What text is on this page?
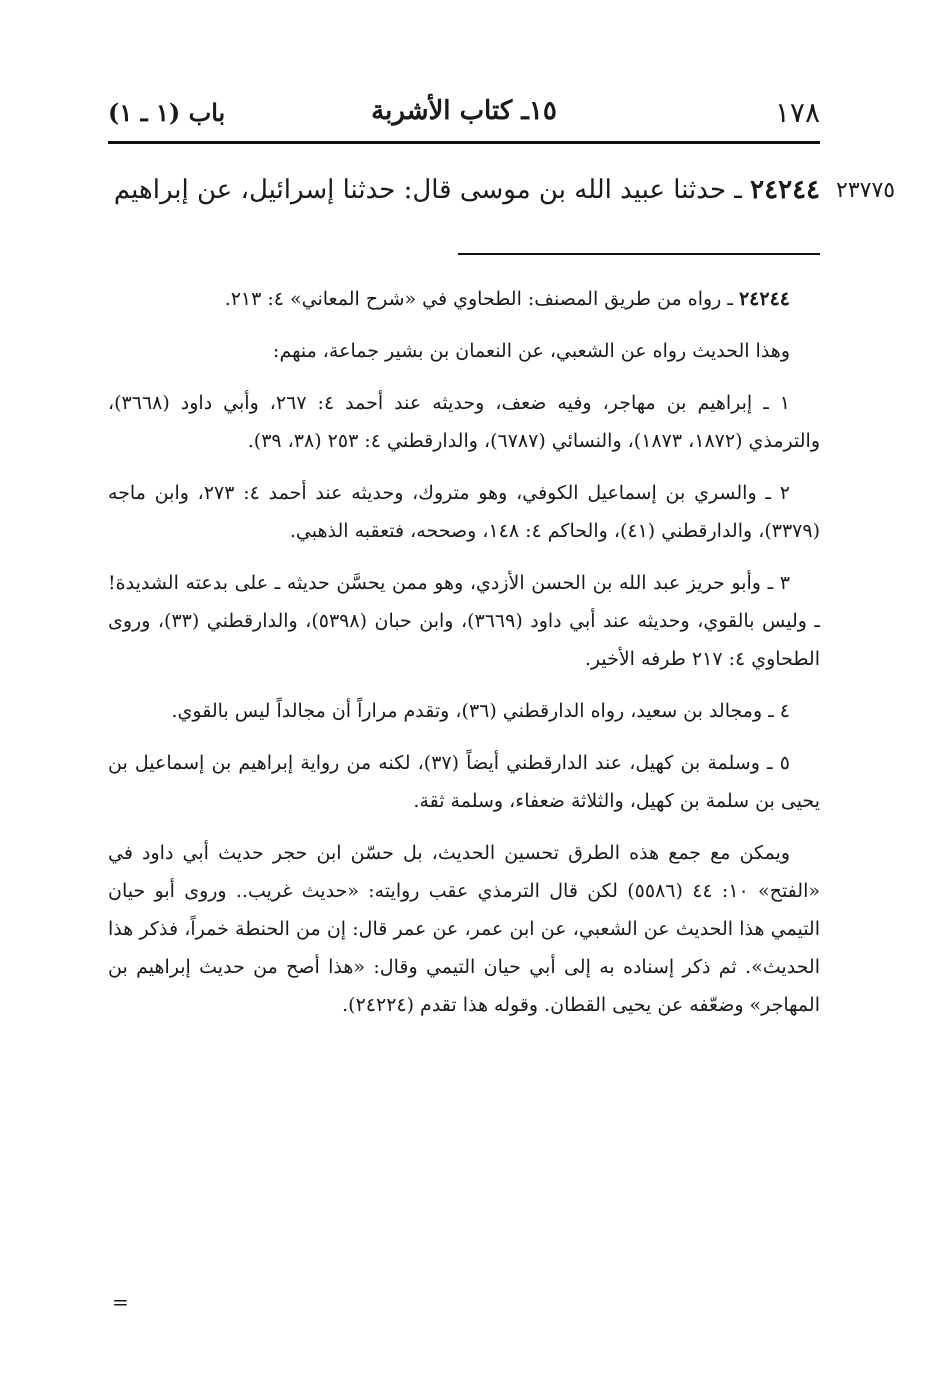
١٧٨
١٥ـ كتاب الأشربة
باب (١ ـ ١)
٢٣٧٧٥
٢٤٢٤٤ ـ حدثنا عبيد الله بن موسى قال: حدثنا إسرائيل، عن إبراهيم

٢٤٢٤٤ ـ رواه من طريق المصنف: الطحاوي في «شرح المعاني» ٤: ٢١٣.

وهذا الحديث رواه عن الشعبي، عن النعمان بن بشير جماعة، منهم:

١ ـ إبراهيم بن مهاجر، وفيه ضعف، وحديثه عند أحمد ٤: ٢٦٧، وأبي داود (٣٦٦٨)، والترمذي (١٨٧٢، ١٨٧٣)، والنسائي (٦٧٨٧)، والدارقطني ٤: ٢٥٣ (٣٨، ٣٩).

٢ ـ والسري بن إسماعيل الكوفي، وهو متروك، وحديثه عند أحمد ٤: ٢٧٣، وابن ماجه (٣٣٧٩)، والدارقطني (٤١)، والحاكم ٤: ١٤٨، وصححه، فتعقبه الذهبي.

٣ ـ وأبو حريز عبد الله بن الحسن الأزدي، وهو ممن يحسَّن حديثه ـ على بدعته الشديدة! ـ وليس بالقوي، وحديثه عند أبي داود (٣٦٦٩)، وابن حبان (٥٣٩٨)، والدارقطني (٣٣)، وروى الطحاوي ٤: ٢١٧ طرفه الأخير.

٤ ـ ومجالد بن سعيد، رواه الدارقطني (٣٦)، وتقدم مراراً أن مجالداً ليس بالقوي.

٥ ـ وسلمة بن كهيل، عند الدارقطني أيضاً (٣٧)، لكنه من رواية إبراهيم بن إسماعيل بن يحيى بن سلمة بن كهيل، والثلاثة ضعفاء، وسلمة ثقة.

ويمكن مع جمع هذه الطرق تحسين الحديث، بل حسّن ابن حجر حديث أبي داود في «الفتح» ١٠: ٤٤ (٥٥٨٦) لكن قال الترمذي عقب روايته: «حديث غريب.. وروى أبو حيان التيمي هذا الحديث عن الشعبي، عن ابن عمر، عن عمر قال: إن من الحنطة خمراً، فذكر هذا الحديث». ثم ذكر إسناده به إلى أبي حيان التيمي وقال: «هذا أصح من حديث إبراهيم بن المهاجر» وضعّفه عن يحيى القطان. وقوله هذا تقدم (٢٤٢٢٤).

=
